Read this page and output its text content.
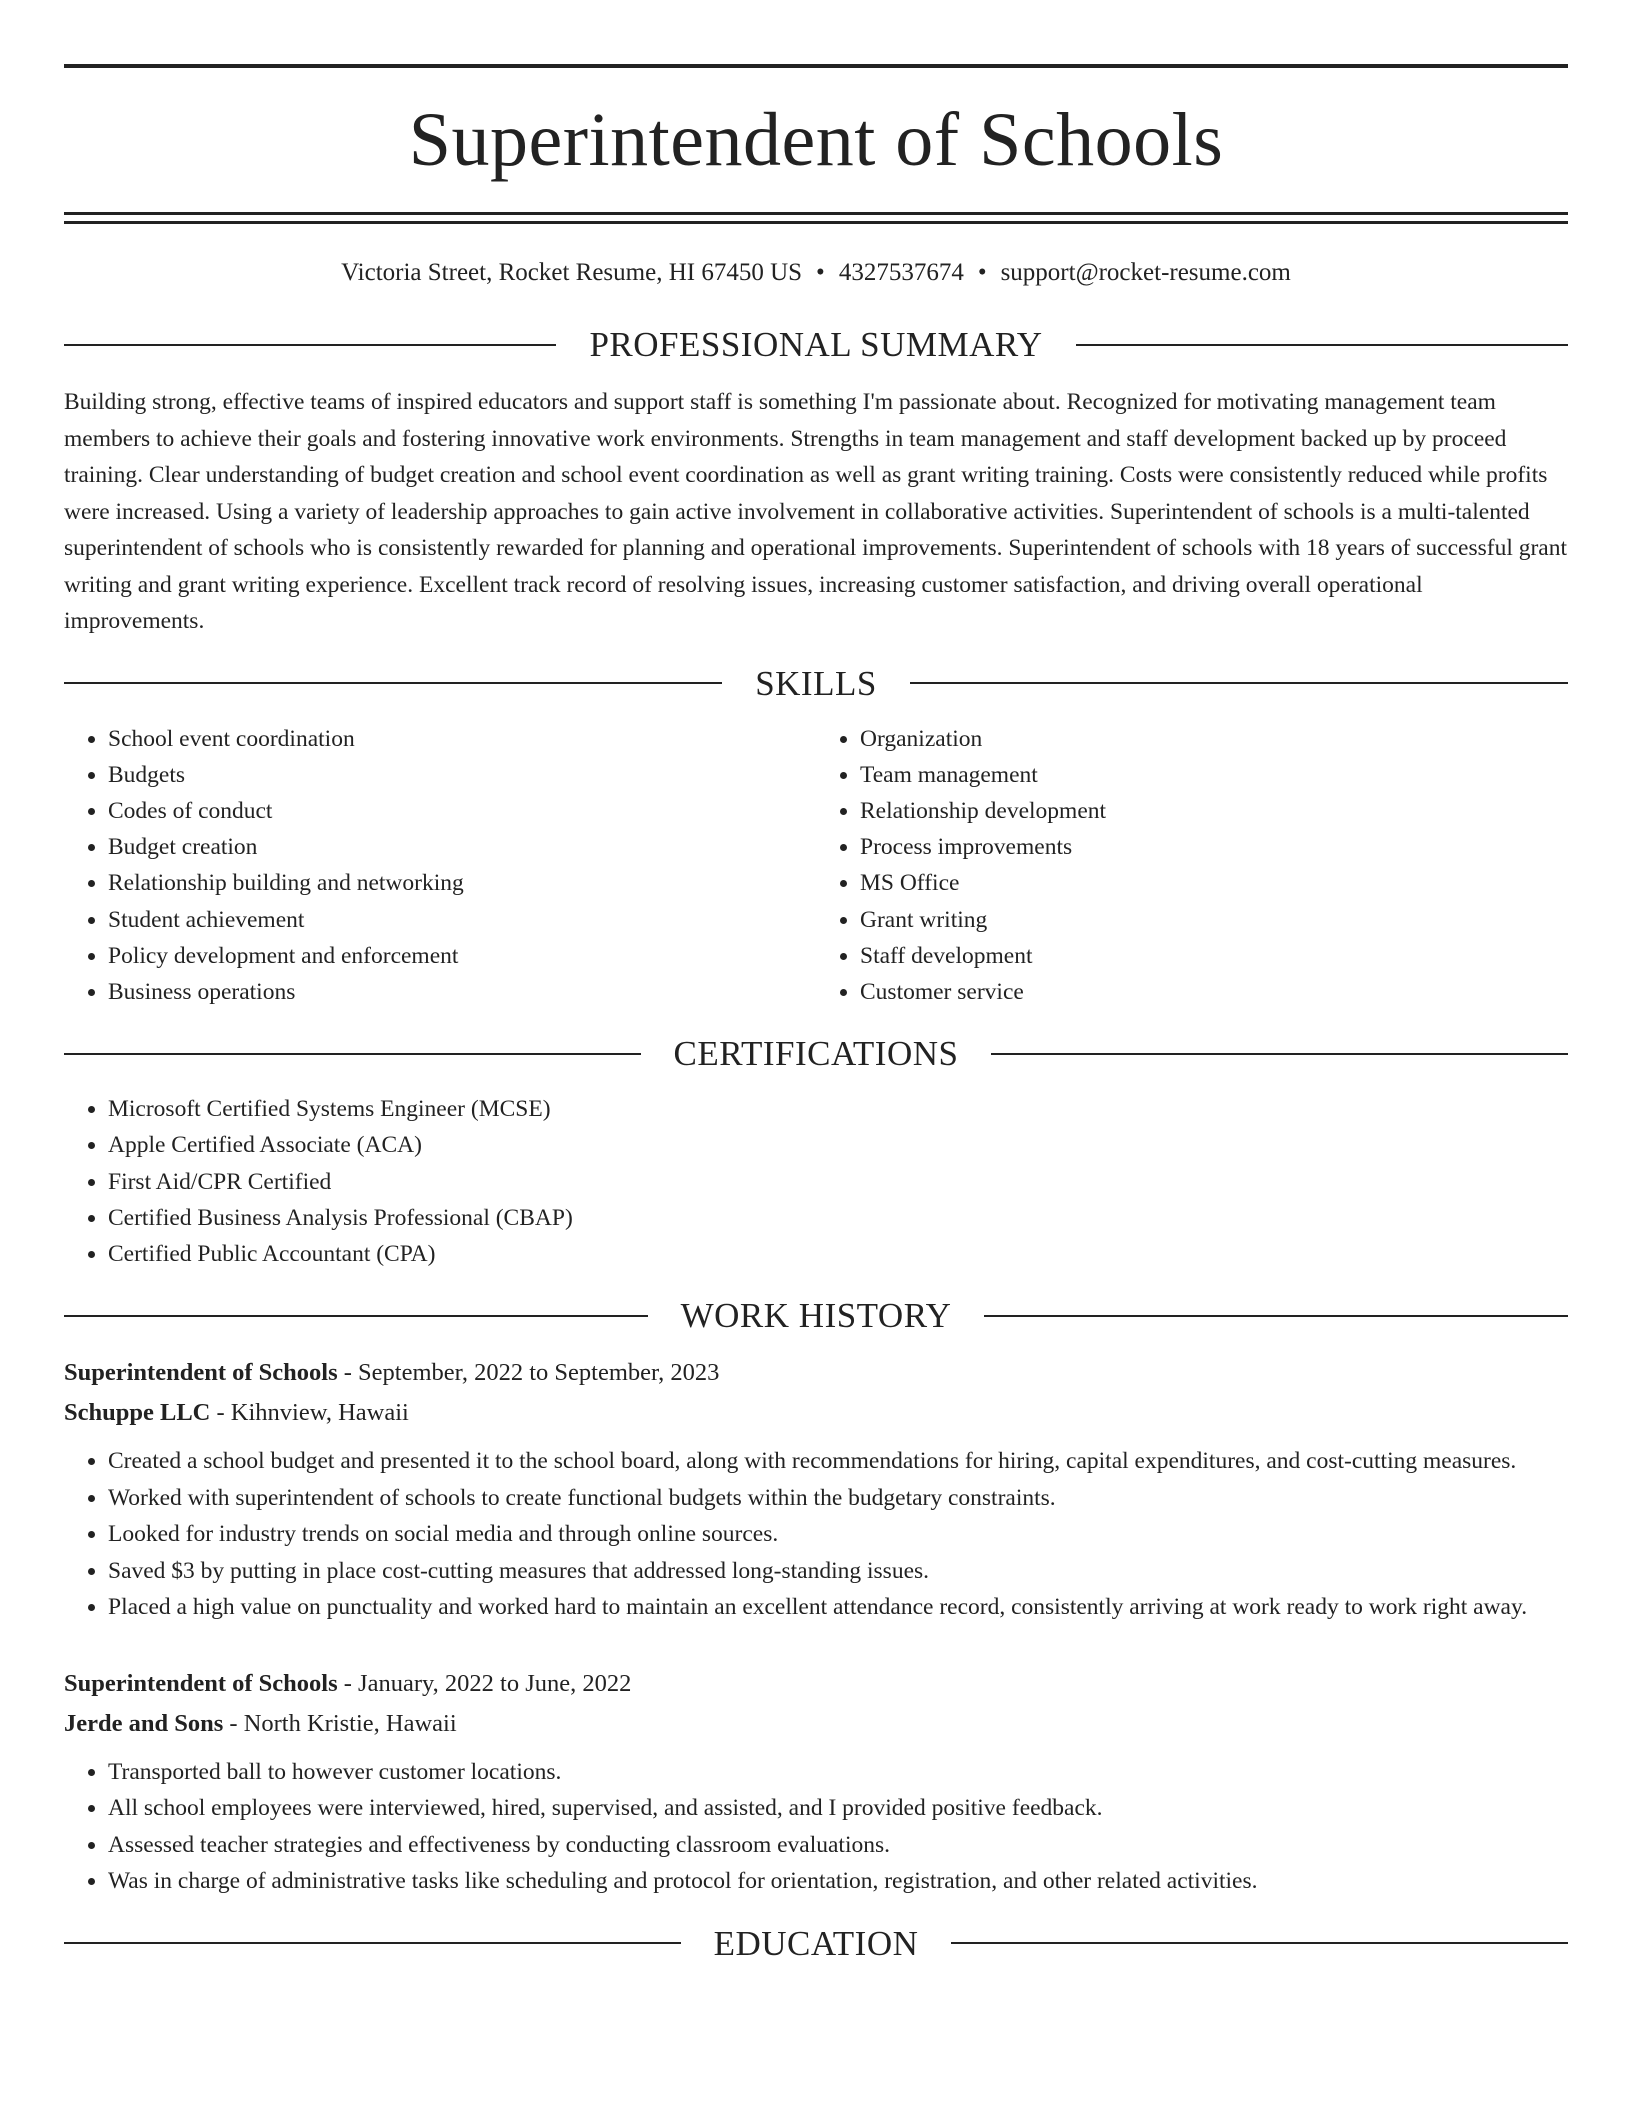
Superintendent of Schools
Victoria Street, Rocket Resume, HI 67450 US • 4327537674 • support@rocket-resume.com
PROFESSIONAL SUMMARY

Building strong, effective teams of inspired educators and support staff is something I'm passionate about. Recognized for motivating management team members to achieve their goals and fostering innovative work environments. Strengths in team management and staff development backed up by proceed training. Clear understanding of budget creation and school event coordination as well as grant writing training. Costs were consistently reduced while profits were increased. Using a variety of leadership approaches to gain active involvement in collaborative activities. Superintendent of schools is a multi-talented superintendent of schools who is consistently rewarded for planning and operational improvements. Superintendent of schools with 18 years of successful grant writing and grant writing experience. Excellent track record of resolving issues, increasing customer satisfaction, and driving overall operational improvements.

SKILLS
• School event coordination
• Budgets
• Codes of conduct
• Budget creation
• Relationship building and networking
• Student achievement
• Policy development and enforcement
• Business operations
• Organization
• Team management
• Relationship development
• Process improvements
• MS Office
• Grant writing
• Staff development
• Customer service
CERTIFICATIONS
• Microsoft Certified Systems Engineer (MCSE)
• Apple Certified Associate (ACA)
• First Aid/CPR Certified
• Certified Business Analysis Professional (CBAP)
• Certified Public Accountant (CPA)
WORK HISTORY
Superintendent of Schools - September, 2022 to September, 2023
Schuppe LLC - Kihnview, Hawaii
• Created a school budget and presented it to the school board, along with recommendations for hiring, capital expenditures, and cost-cutting measures.
• Worked with superintendent of schools to create functional budgets within the budgetary constraints.
• Looked for industry trends on social media and through online sources.
• Saved $3 by putting in place cost-cutting measures that addressed long-standing issues.
• Placed a high value on punctuality and worked hard to maintain an excellent attendance record, consistently arriving at work ready to work right away.
Superintendent of Schools - January, 2022 to June, 2022
Jerde and Sons - North Kristie, Hawaii
• Transported ball to however customer locations.
• All school employees were interviewed, hired, supervised, and assisted, and I provided positive feedback.
• Assessed teacher strategies and effectiveness by conducting classroom evaluations.
• Was in charge of administrative tasks like scheduling and protocol for orientation, registration, and other related activities.
EDUCATION
